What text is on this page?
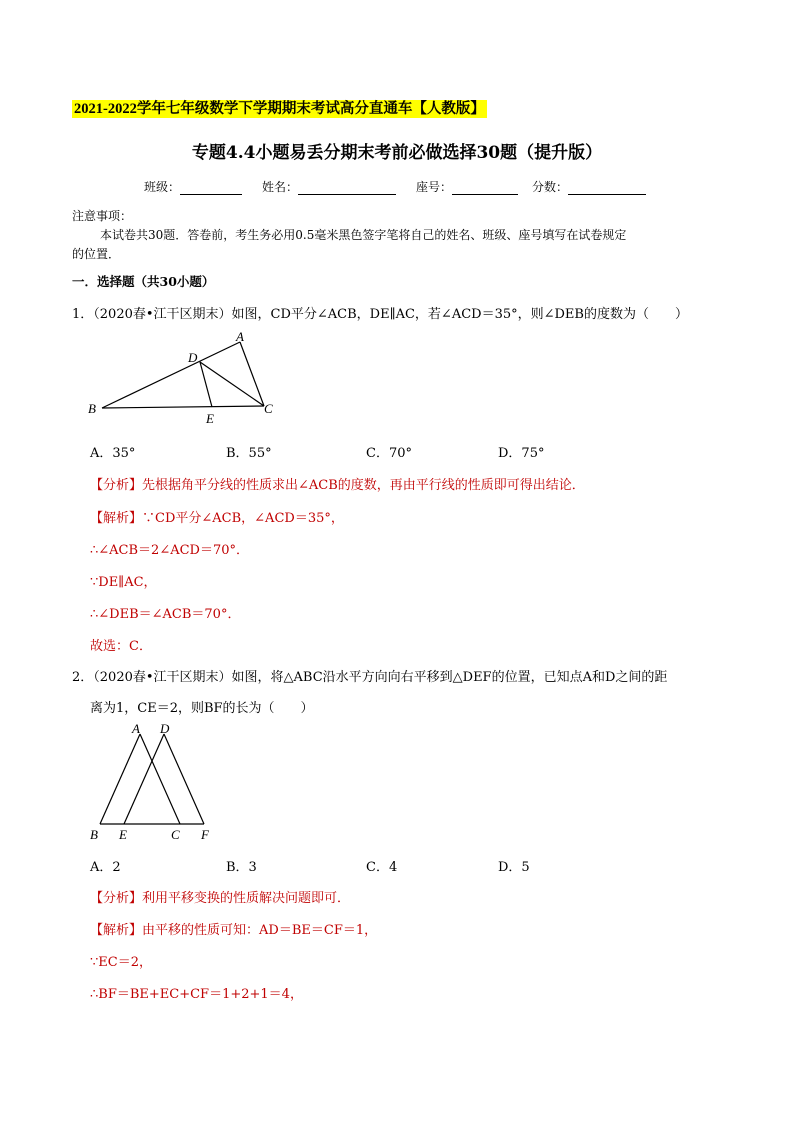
2021-2022学年七年级数学下学期期末考试高分直通车【人教版】
专题4.4小题易丢分期末考前必做选择30题（提升版）
班级：	姓名：	座号：	分数：
注意事项：
本试卷共30题．答卷前，考生务必用0.5毫米黑色签字笔将自己的姓名、班级、座号填写在试卷规定
的位置．
一．选择题（共30小题）
1．（2020春•江干区期末）如图，CD平分∠ACB，DE∥AC，若∠ACD＝35°，则∠DEB的度数为（　　）
A
B	C
D
E
A．35°	B．55°	C．70°	D．75°
【分析】先根据角平分线的性质求出∠ACB的度数，再由平行线的性质即可得出结论．
【解析】∵CD平分∠ACB，∠ACD＝35°，
∴∠ACB＝2∠ACD＝70°．
∵DE∥AC，
∴∠DEB＝∠ACB＝70°．
故选：C．
2．（2020春•江干区期末）如图，将△ABC沿水平方向向右平移到△DEF的位置，已知点A和D之间的距
离为1，CE＝2，则BF的长为（　　）
A
B	C
D
E	F
A．2	B．3	C．4	D．5
【分析】利用平移变换的性质解决问题即可．
【解析】由平移的性质可知：AD＝BE＝CF＝1，
∵EC＝2，
∴BF＝BE+EC+CF＝1+2+1＝4，
